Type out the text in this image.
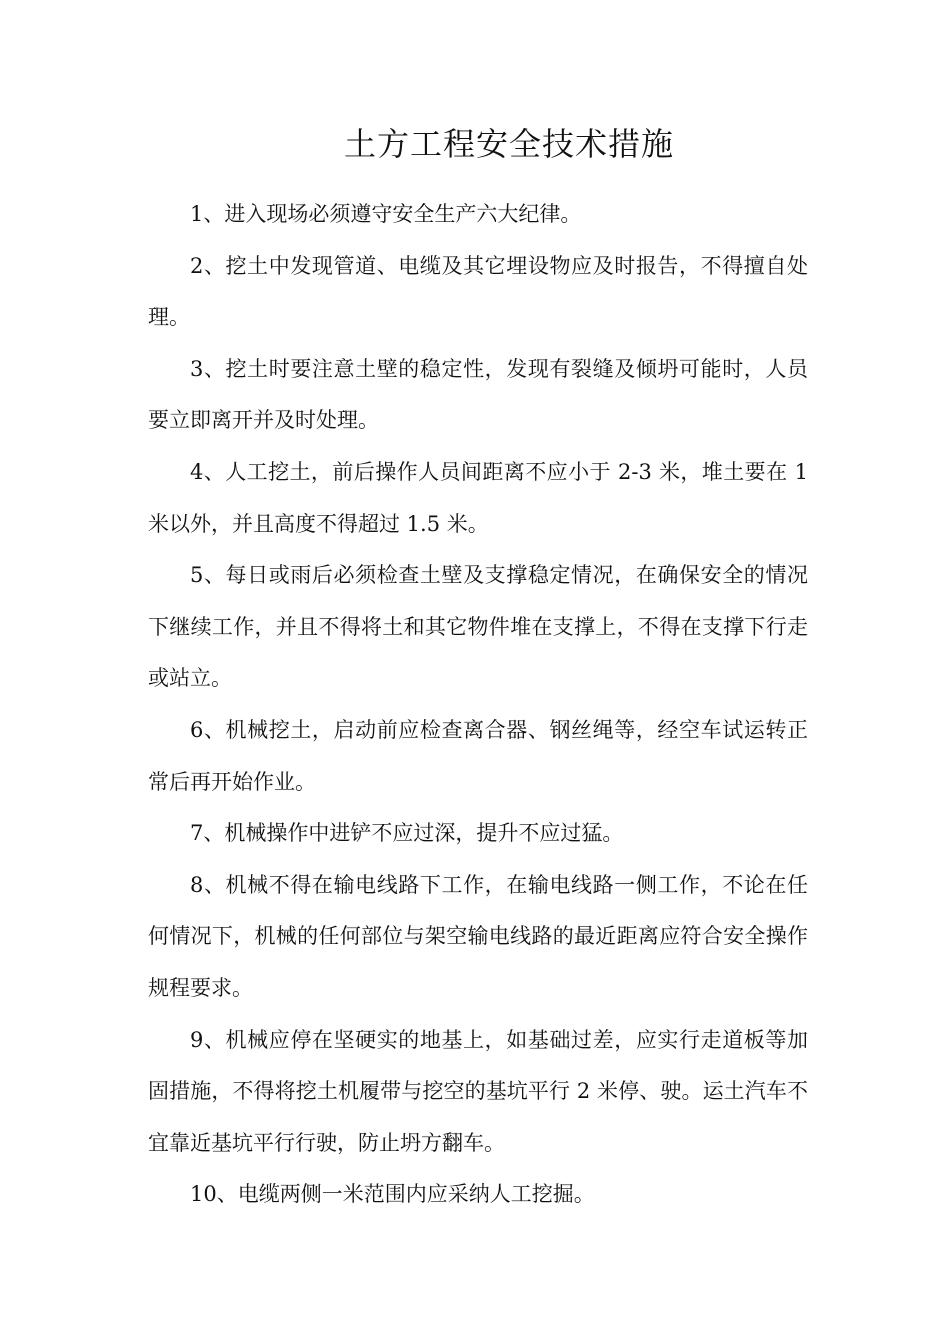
土方工程安全技术措施

1、进入现场必须遵守安全生产六大纪律。

2、挖土中发现管道、电缆及其它埋设物应及时报告，不得擅自处理。

3、挖土时要注意土壁的稳定性，发现有裂缝及倾坍可能时，人员要立即离开并及时处理。

4、人工挖土，前后操作人员间距离不应小于 2-3 米，堆土要在 1 米以外，并且高度不得超过 1.5 米。

5、每日或雨后必须检查土壁及支撑稳定情况，在确保安全的情况下继续工作，并且不得将土和其它物件堆在支撑上，不得在支撑下行走或站立。

6、机械挖土，启动前应检查离合器、钢丝绳等，经空车试运转正常后再开始作业。

7、机械操作中进铲不应过深，提升不应过猛。

8、机械不得在输电线路下工作，在输电线路一侧工作，不论在任何情况下，机械的任何部位与架空输电线路的最近距离应符合安全操作规程要求。

9、机械应停在坚硬实的地基上，如基础过差，应实行走道板等加固措施，不得将挖土机履带与挖空的基坑平行 2 米停、驶。运土汽车不宜靠近基坑平行行驶，防止坍方翻车。

10、电缆两侧一米范围内应采纳人工挖掘。
